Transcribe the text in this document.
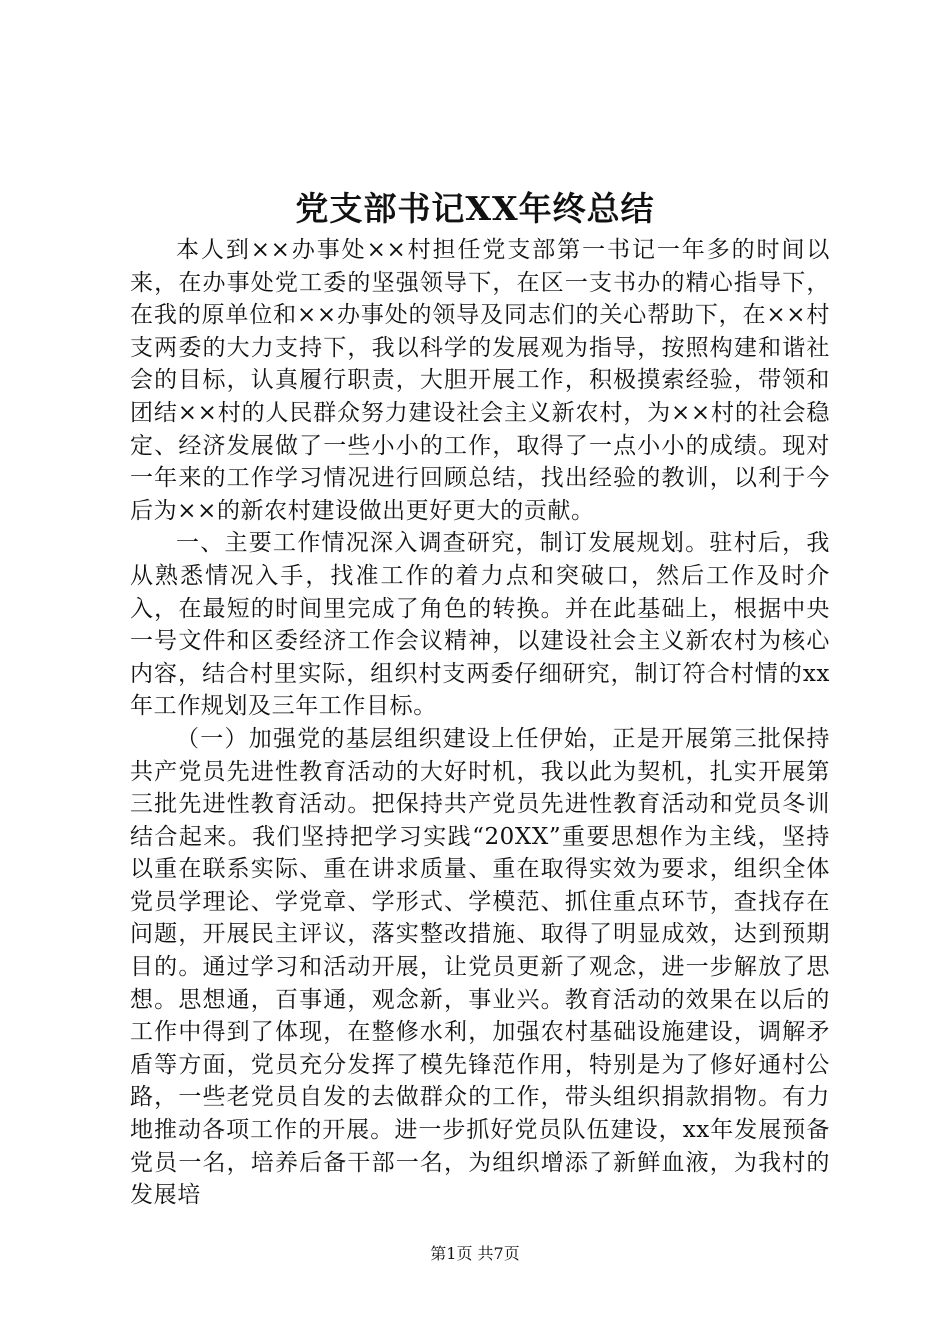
党支部书记XX年终总结

本人到××办事处××村担任党支部第一书记一年多的时间以来，在办事处党工委的坚强领导下，在区一支书办的精心指导下，在我的原单位和××办事处的领导及同志们的关心帮助下，在××村支两委的大力支持下，我以科学的发展观为指导，按照构建和谐社会的目标，认真履行职责，大胆开展工作，积极摸索经验，带领和团结××村的人民群众努力建设社会主义新农村，为××村的社会稳定、经济发展做了一些小小的工作，取得了一点小小的成绩。现对一年来的工作学习情况进行回顾总结，找出经验的教训，以利于今后为××的新农村建设做出更好更大的贡献。

一、主要工作情况深入调查研究，制订发展规划。驻村后，我从熟悉情况入手，找准工作的着力点和突破口，然后工作及时介入，在最短的时间里完成了角色的转换。并在此基础上，根据中央一号文件和区委经济工作会议精神，以建设社会主义新农村为核心内容，结合村里实际，组织村支两委仔细研究，制订符合村情的xx年工作规划及三年工作目标。

（一）加强党的基层组织建设上任伊始，正是开展第三批保持共产党员先进性教育活动的大好时机，我以此为契机，扎实开展第三批先进性教育活动。把保持共产党员先进性教育活动和党员冬训结合起来。我们坚持把学习实践“20XX”重要思想作为主线，坚持以重在联系实际、重在讲求质量、重在取得实效为要求，组织全体党员学理论、学党章、学形式、学模范、抓住重点环节，查找存在问题，开展民主评议，落实整改措施、取得了明显成效，达到预期目的。通过学习和活动开展，让党员更新了观念，进一步解放了思想。思想通，百事通，观念新，事业兴。教育活动的效果在以后的工作中得到了体现，在整修水利，加强农村基础设施建设，调解矛盾等方面，党员充分发挥了模先锋范作用，特别是为了修好通村公路，一些老党员自发的去做群众的工作，带头组织捐款捐物。有力地推动各项工作的开展。进一步抓好党员队伍建设，xx年发展预备党员一名，培养后备干部一名，为组织增添了新鲜血液，为我村的发展培

第1页 共7页
